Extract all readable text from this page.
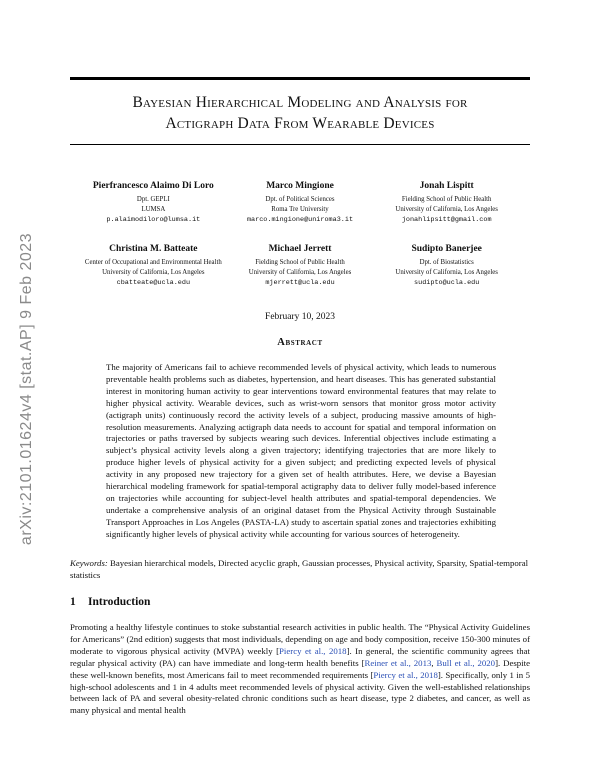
Bayesian Hierarchical Modeling and Analysis for
Actigraph Data From Wearable Devices
arXiv:2101.01624v4 [stat.AP] 9 Feb 2023
Pierfrancesco Alaimo Di Loro
Dpt. GEPLI
LUMSA
p.alaimodiloro@lumsa.it
Marco Mingione
Dpt. of Political Sciences
Roma Tre University
marco.mingione@uniroma3.it
Jonah Lispitt
Fielding School of Public Health
University of California, Los Angeles
jonahlipsitt@gmail.com
Christina M. Batteate
Center of Occupational and Environmental Health
University of California, Los Angeles
cbatteate@ucla.edu
Michael Jerrett
Fielding School of Public Health
University of California, Los Angeles
mjerrett@ucla.edu
Sudipto Banerjee
Dpt. of Biostatistics
University of California, Los Angeles
sudipto@ucla.edu
February 10, 2023
Abstract
The majority of Americans fail to achieve recommended levels of physical activity, which leads to numerous preventable health problems such as diabetes, hypertension, and heart diseases. This has generated substantial interest in monitoring human activity to gear interventions toward environmental features that may relate to higher physical activity. Wearable devices, such as wrist-worn sensors that monitor gross motor activity (actigraph units) continuously record the activity levels of a subject, producing massive amounts of high-resolution measurements. Analyzing actigraph data needs to account for spatial and temporal information on trajectories or paths traversed by subjects wearing such devices. Inferential objectives include estimating a subject’s physical activity levels along a given trajectory; identifying trajectories that are more likely to produce higher levels of physical activity for a given subject; and predicting expected levels of physical activity in any proposed new trajectory for a given set of health attributes. Here, we devise a Bayesian hierarchical modeling framework for spatial-temporal actigraphy data to deliver fully model-based inference on trajectories while accounting for subject-level health attributes and spatial-temporal dependencies. We undertake a comprehensive analysis of an original dataset from the Physical Activity through Sustainable Transport Approaches in Los Angeles (PASTA-LA) study to ascertain spatial zones and trajectories exhibiting significantly higher levels of physical activity while accounting for various sources of heterogeneity.
Keywords: Bayesian hierarchical models, Directed acyclic graph, Gaussian processes, Physical activity, Sparsity, Spatial-temporal statistics
1 Introduction
Promoting a healthy lifestyle continues to stoke substantial research activities in public health. The “Physical Activity Guidelines for Americans” (2nd edition) suggests that most individuals, depending on age and body composition, receive 150-300 minutes of moderate to vigorous physical activity (MVPA) weekly [Piercy et al., 2018]. In general, the scientific community agrees that regular physical activity (PA) can have immediate and long-term health benefits [Reiner et al., 2013, Bull et al., 2020]. Despite these well-known benefits, most Americans fail to meet recommended requirements [Piercy et al., 2018]. Specifically, only 1 in 5 high-school adolescents and 1 in 4 adults meet recommended levels of physical activity. Given the well-established relationships between lack of PA and several obesity-related chronic conditions such as heart disease, type 2 diabetes, and cancer, as well as many physical and mental health
